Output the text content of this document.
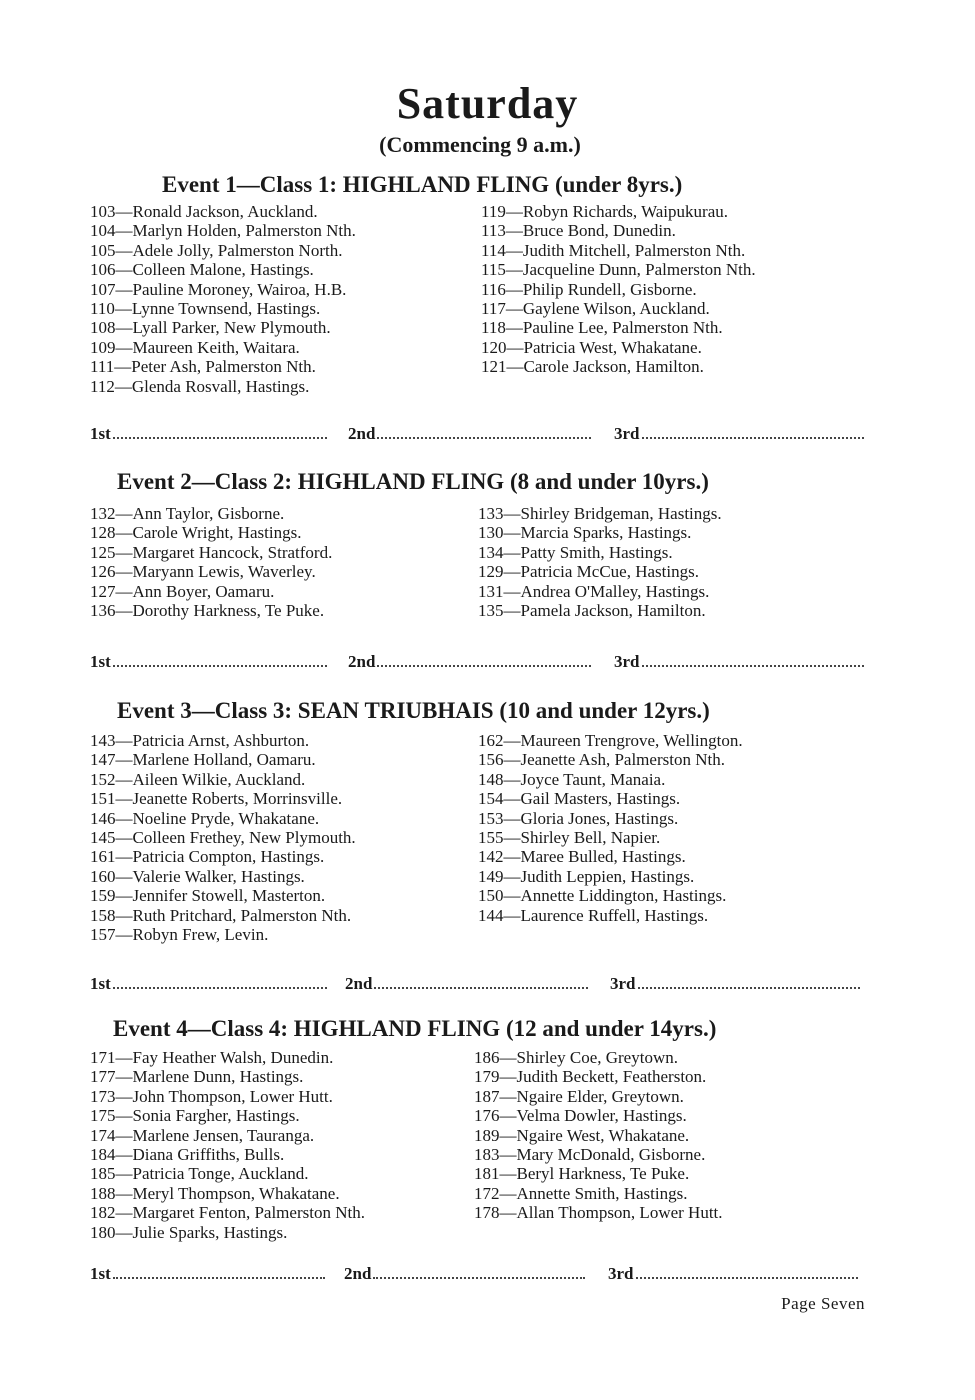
Saturday
(Commencing 9 a.m.)
Event 1—Class 1: HIGHLAND FLING (under 8yrs.)
103—Ronald Jackson, Auckland.
104—Marlyn Holden, Palmerston Nth.
105—Adele Jolly, Palmerston North.
106—Colleen Malone, Hastings.
107—Pauline Moroney, Wairoa, H.B.
110—Lynne Townsend, Hastings.
108—Lyall Parker, New Plymouth.
109—Maureen Keith, Waitara.
111—Peter Ash, Palmerston Nth.
112—Glenda Rosvall, Hastings.
119—Robyn Richards, Waipukurau.
113—Bruce Bond, Dunedin.
114—Judith Mitchell, Palmerston Nth.
115—Jacqueline Dunn, Palmerston Nth.
116—Philip Rundell, Gisborne.
117—Gaylene Wilson, Auckland.
118—Pauline Lee, Palmerston Nth.
120—Patricia West, Whakatane.
121—Carole Jackson, Hamilton.
1st	2nd	3rd
Event 2—Class 2: HIGHLAND FLING (8 and under 10yrs.)
132—Ann Taylor, Gisborne.
128—Carole Wright, Hastings.
125—Margaret Hancock, Stratford.
126—Maryann Lewis, Waverley.
127—Ann Boyer, Oamaru.
136—Dorothy Harkness, Te Puke.
133—Shirley Bridgeman, Hastings.
130—Marcia Sparks, Hastings.
134—Patty Smith, Hastings.
129—Patricia McCue, Hastings.
131—Andrea O'Malley, Hastings.
135—Pamela Jackson, Hamilton.
1st	2nd	3rd
Event 3—Class 3: SEAN TRIUBHAIS (10 and under 12yrs.)
143—Patricia Arnst, Ashburton.
147—Marlene Holland, Oamaru.
152—Aileen Wilkie, Auckland.
151—Jeanette Roberts, Morrinsville.
146—Noeline Pryde, Whakatane.
145—Colleen Frethey, New Plymouth.
161—Patricia Compton, Hastings.
160—Valerie Walker, Hastings.
159—Jennifer Stowell, Masterton.
158—Ruth Pritchard, Palmerston Nth.
157—Robyn Frew, Levin.
162—Maureen Trengrove, Wellington.
156—Jeanette Ash, Palmerston Nth.
148—Joyce Taunt, Manaia.
154—Gail Masters, Hastings.
153—Gloria Jones, Hastings.
155—Shirley Bell, Napier.
142—Maree Bulled, Hastings.
149—Judith Leppien, Hastings.
150—Annette Liddington, Hastings.
144—Laurence Ruffell, Hastings.
1st	2nd	3rd
Event 4—Class 4: HIGHLAND FLING (12 and under 14yrs.)
171—Fay Heather Walsh, Dunedin.
177—Marlene Dunn, Hastings.
173—John Thompson, Lower Hutt.
175—Sonia Fargher, Hastings.
174—Marlene Jensen, Tauranga.
184—Diana Griffiths, Bulls.
185—Patricia Tonge, Auckland.
188—Meryl Thompson, Whakatane.
182—Margaret Fenton, Palmerston Nth.
180—Julie Sparks, Hastings.
186—Shirley Coe, Greytown.
179—Judith Beckett, Featherston.
187—Ngaire Elder, Greytown.
176—Velma Dowler, Hastings.
189—Ngaire West, Whakatane.
183—Mary McDonald, Gisborne.
181—Beryl Harkness, Te Puke.
172—Annette Smith, Hastings.
178—Allan Thompson, Lower Hutt.
1st	2nd	3rd
Page Seven
